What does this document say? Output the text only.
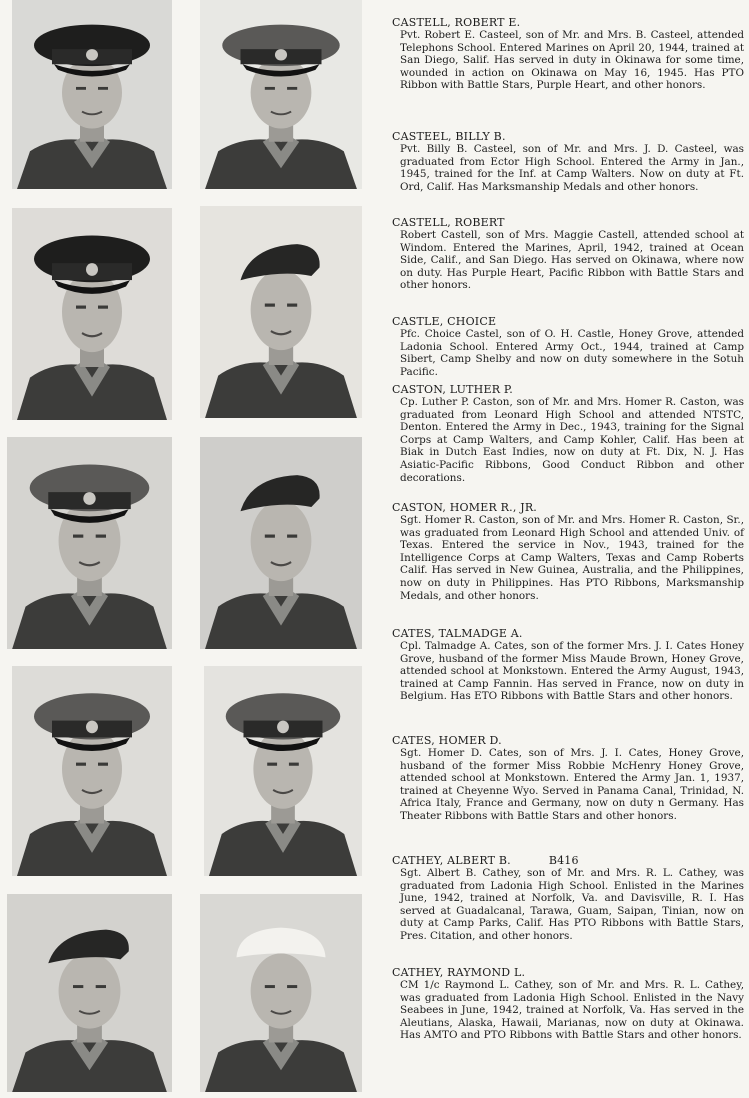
CASTELL, ROBERT E.

Pvt. Robert E. Casteel, son of Mr. and Mrs. B. Casteel, attended Telephons School. Entered Marines on April 20, 1944, trained at San Diego, Salif. Has served in duty in Okinawa for some time, wounded in action on Okinawa on May 16, 1945. Has PTO Ribbon with Battle Stars, Purple Heart, and other honors.

CASTEEL, BILLY B.

Pvt. Billy B. Casteel, son of Mr. and Mrs. J. D. Casteel, was graduated from Ector High School. Entered the Army in Jan., 1945, trained for the Inf. at Camp Walters. Now on duty at Ft. Ord, Calif. Has Marksmanship Medals and other honors.

CASTELL, ROBERT

Robert Castell, son of Mrs. Maggie Castell, attended school at Windom. Entered the Marines, April, 1942, trained at Ocean Side, Calif., and San Diego. Has served on Okinawa, where now on duty. Has Purple Heart, Pacific Ribbon with Battle Stars and other honors.

CASTLE, CHOICE

Pfc. Choice Castel, son of O. H. Castle, Honey Grove, attended Ladonia School. Entered Army Oct., 1944, trained at Camp Sibert, Camp Shelby and now on duty somewhere in the Sotuh Pacific.

CASTON, LUTHER P.

Cp. Luther P. Caston, son of Mr. and Mrs. Homer R. Caston, was graduated from Leonard High School and attended NTSTC, Denton. Entered the Army in Dec., 1943, training for the Signal Corps at Camp Walters, and Camp Kohler, Calif. Has been at Biak in Dutch East Indies, now on duty at Ft. Dix, N. J. Has Asiatic-Pacific Ribbons, Good Conduct Ribbon and other decorations.

CASTON, HOMER R., JR.

Sgt. Homer R. Caston, son of Mr. and Mrs. Homer R. Caston, Sr., was graduated from Leonard High School and attended Univ. of Texas. Entered the service in Nov., 1943, trained for the Intelligence Corps at Camp Walters, Texas and Camp Roberts Calif. Has served in New Guinea, Australia, and the Philippines, now on duty in Philippines. Has PTO Ribbons, Marksmanship Medals, and other honors.

CATES, TALMADGE A.

Cpl. Talmadge A. Cates, son of the former Mrs. J. I. Cates Honey Grove, husband of the former Miss Maude Brown, Honey Grove, attended school at Monkstown. Entered the Army August, 1943, trained at Camp Fannin. Has served in France, now on duty in Belgium. Has ETO Ribbons with Battle Stars and other honors.

CATES, HOMER D.

Sgt. Homer D. Cates, son of Mrs. J. I. Cates, Honey Grove, husband of the former Miss Robbie McHenry Honey Grove, attended school at Monkstown. Entered the Army Jan. 1, 1937, trained at Cheyenne Wyo. Served in Panama Canal, Trinidad, N. Africa Italy, France and Germany, now on duty n Germany. Has Theater Ribbons with Battle Stars and other honors.

CATHEY, ALBERT B.	B416

Sgt. Albert B. Cathey, son of Mr. and Mrs. R. L. Cathey, was graduated from Ladonia High School. Enlisted in the Marines June, 1942, trained at Norfolk, Va. and Davisville, R. I. Has served at Guadalcanal, Tarawa, Guam, Saipan, Tinian, now on duty at Camp Parks, Calif. Has PTO Ribbons with Battle Stars, Pres. Citation, and other honors.

CATHEY, RAYMOND L.

CM 1/c Raymond L. Cathey, son of Mr. and Mrs. R. L. Cathey, was graduated from Ladonia High School. Enlisted in the Navy Seabees in June, 1942, trained at Norfolk, Va. Has served in the Aleutians, Alaska, Hawaii, Marianas, now on duty at Okinawa. Has AMTO and PTO Ribbons with Battle Stars and other honors.
